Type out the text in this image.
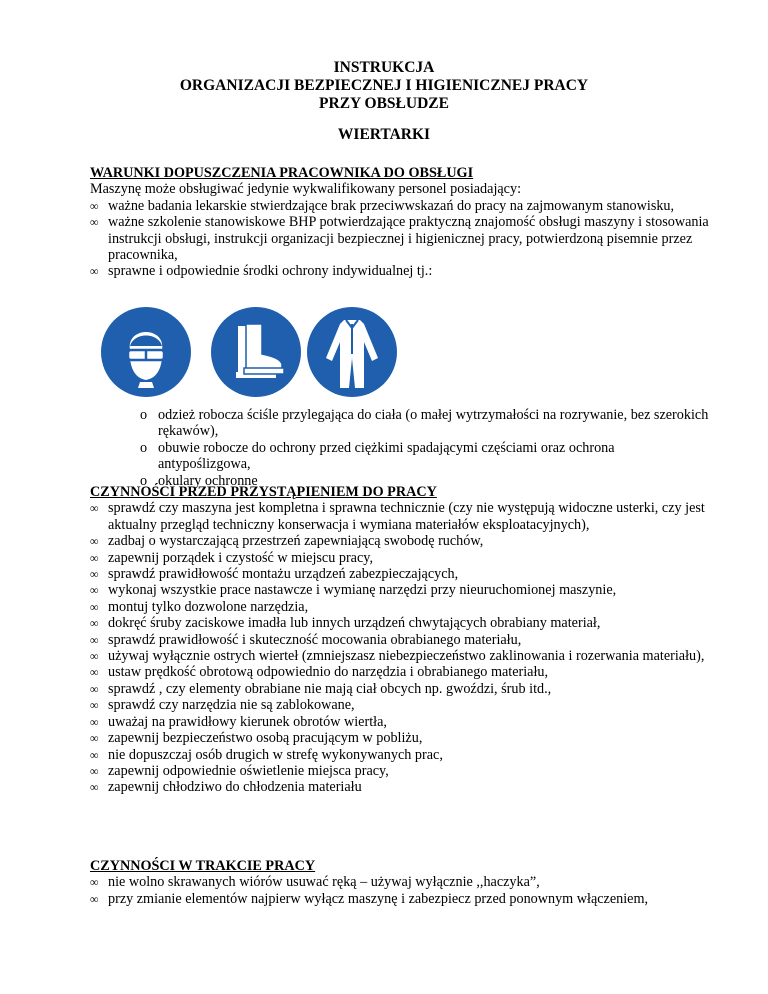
INSTRUKCJA
ORGANIZACJI BEZPIECZNEJ I HIGIENICZNEJ PRACY
PRZY OBSŁUDZE
WIERTARKI

WARUNKI DOPUSZCZENIA PRACOWNIKA DO OBSŁUGI

Maszynę może obsługiwać jedynie wykwalifikowany personel posiadający:

∞ ważne badania lekarskie stwierdzające brak przeciwwskazań do pracy na zajmowanym stanowisku,
∞ ważne szkolenie stanowiskowe BHP potwierdzające praktyczną znajomość obsługi maszyny i stosowania instrukcji obsługi, instrukcji organizacji bezpiecznej i higienicznej pracy, potwierdzoną pisemnie przez pracownika,
∞ sprawne i odpowiednie środki ochrony indywidualnej tj.:
o odzież robocza ściśle przylegająca do ciała (o małej wytrzymałości na rozrywanie, bez szerokich rękawów),
o obuwie robocze do ochrony przed ciężkimi spadającymi częściami oraz ochrona antypoślizgowa,
o okulary ochronne

CZYNNOŚCI PRZED PRZYSTĄPIENIEM DO PRACY

∞ sprawdź czy maszyna jest kompletna i sprawna technicznie (czy nie występują widoczne usterki, czy jest aktualny przegląd techniczny konserwacja i wymiana materiałów eksploatacyjnych),
∞ zadbaj o wystarczającą przestrzeń zapewniającą swobodę ruchów,
∞ zapewnij porządek i czystość w miejscu pracy,
∞ sprawdź prawidłowość montażu urządzeń zabezpieczających,
∞ wykonaj wszystkie prace nastawcze i wymianę narzędzi przy nieuruchomionej maszynie,
∞ montuj tylko dozwolone narzędzia,
∞ dokręć śruby zaciskowe imadła lub innych urządzeń chwytających obrabiany materiał,
∞ sprawdź prawidłowość i skuteczność mocowania obrabianego materiału,
∞ używaj wyłącznie ostrych wierteł (zmniejszasz niebezpieczeństwo zaklinowania i rozerwania materiału),
∞ ustaw prędkość obrotową odpowiednio do narzędzia i obrabianego materiału,
∞ sprawdź , czy elementy obrabiane nie mają ciał obcych np. gwoździ, śrub itd.,
∞ sprawdź czy narzędzia nie są zablokowane,
∞ uważaj na prawidłowy kierunek obrotów wiertła,
∞ zapewnij bezpieczeństwo osobą pracującym w pobliżu,
∞ nie dopuszczaj osób drugich w strefę wykonywanych prac,
∞ zapewnij odpowiednie oświetlenie miejsca pracy,
∞ zapewnij chłodziwo do chłodzenia materiału

CZYNNOŚCI W TRAKCIE PRACY

∞ nie wolno skrawanych wiórów usuwać ręką – używaj wyłącznie ,,haczyka”,
∞ przy zmianie elementów najpierw wyłącz maszynę i zabezpiecz przed ponownym włączeniem,
